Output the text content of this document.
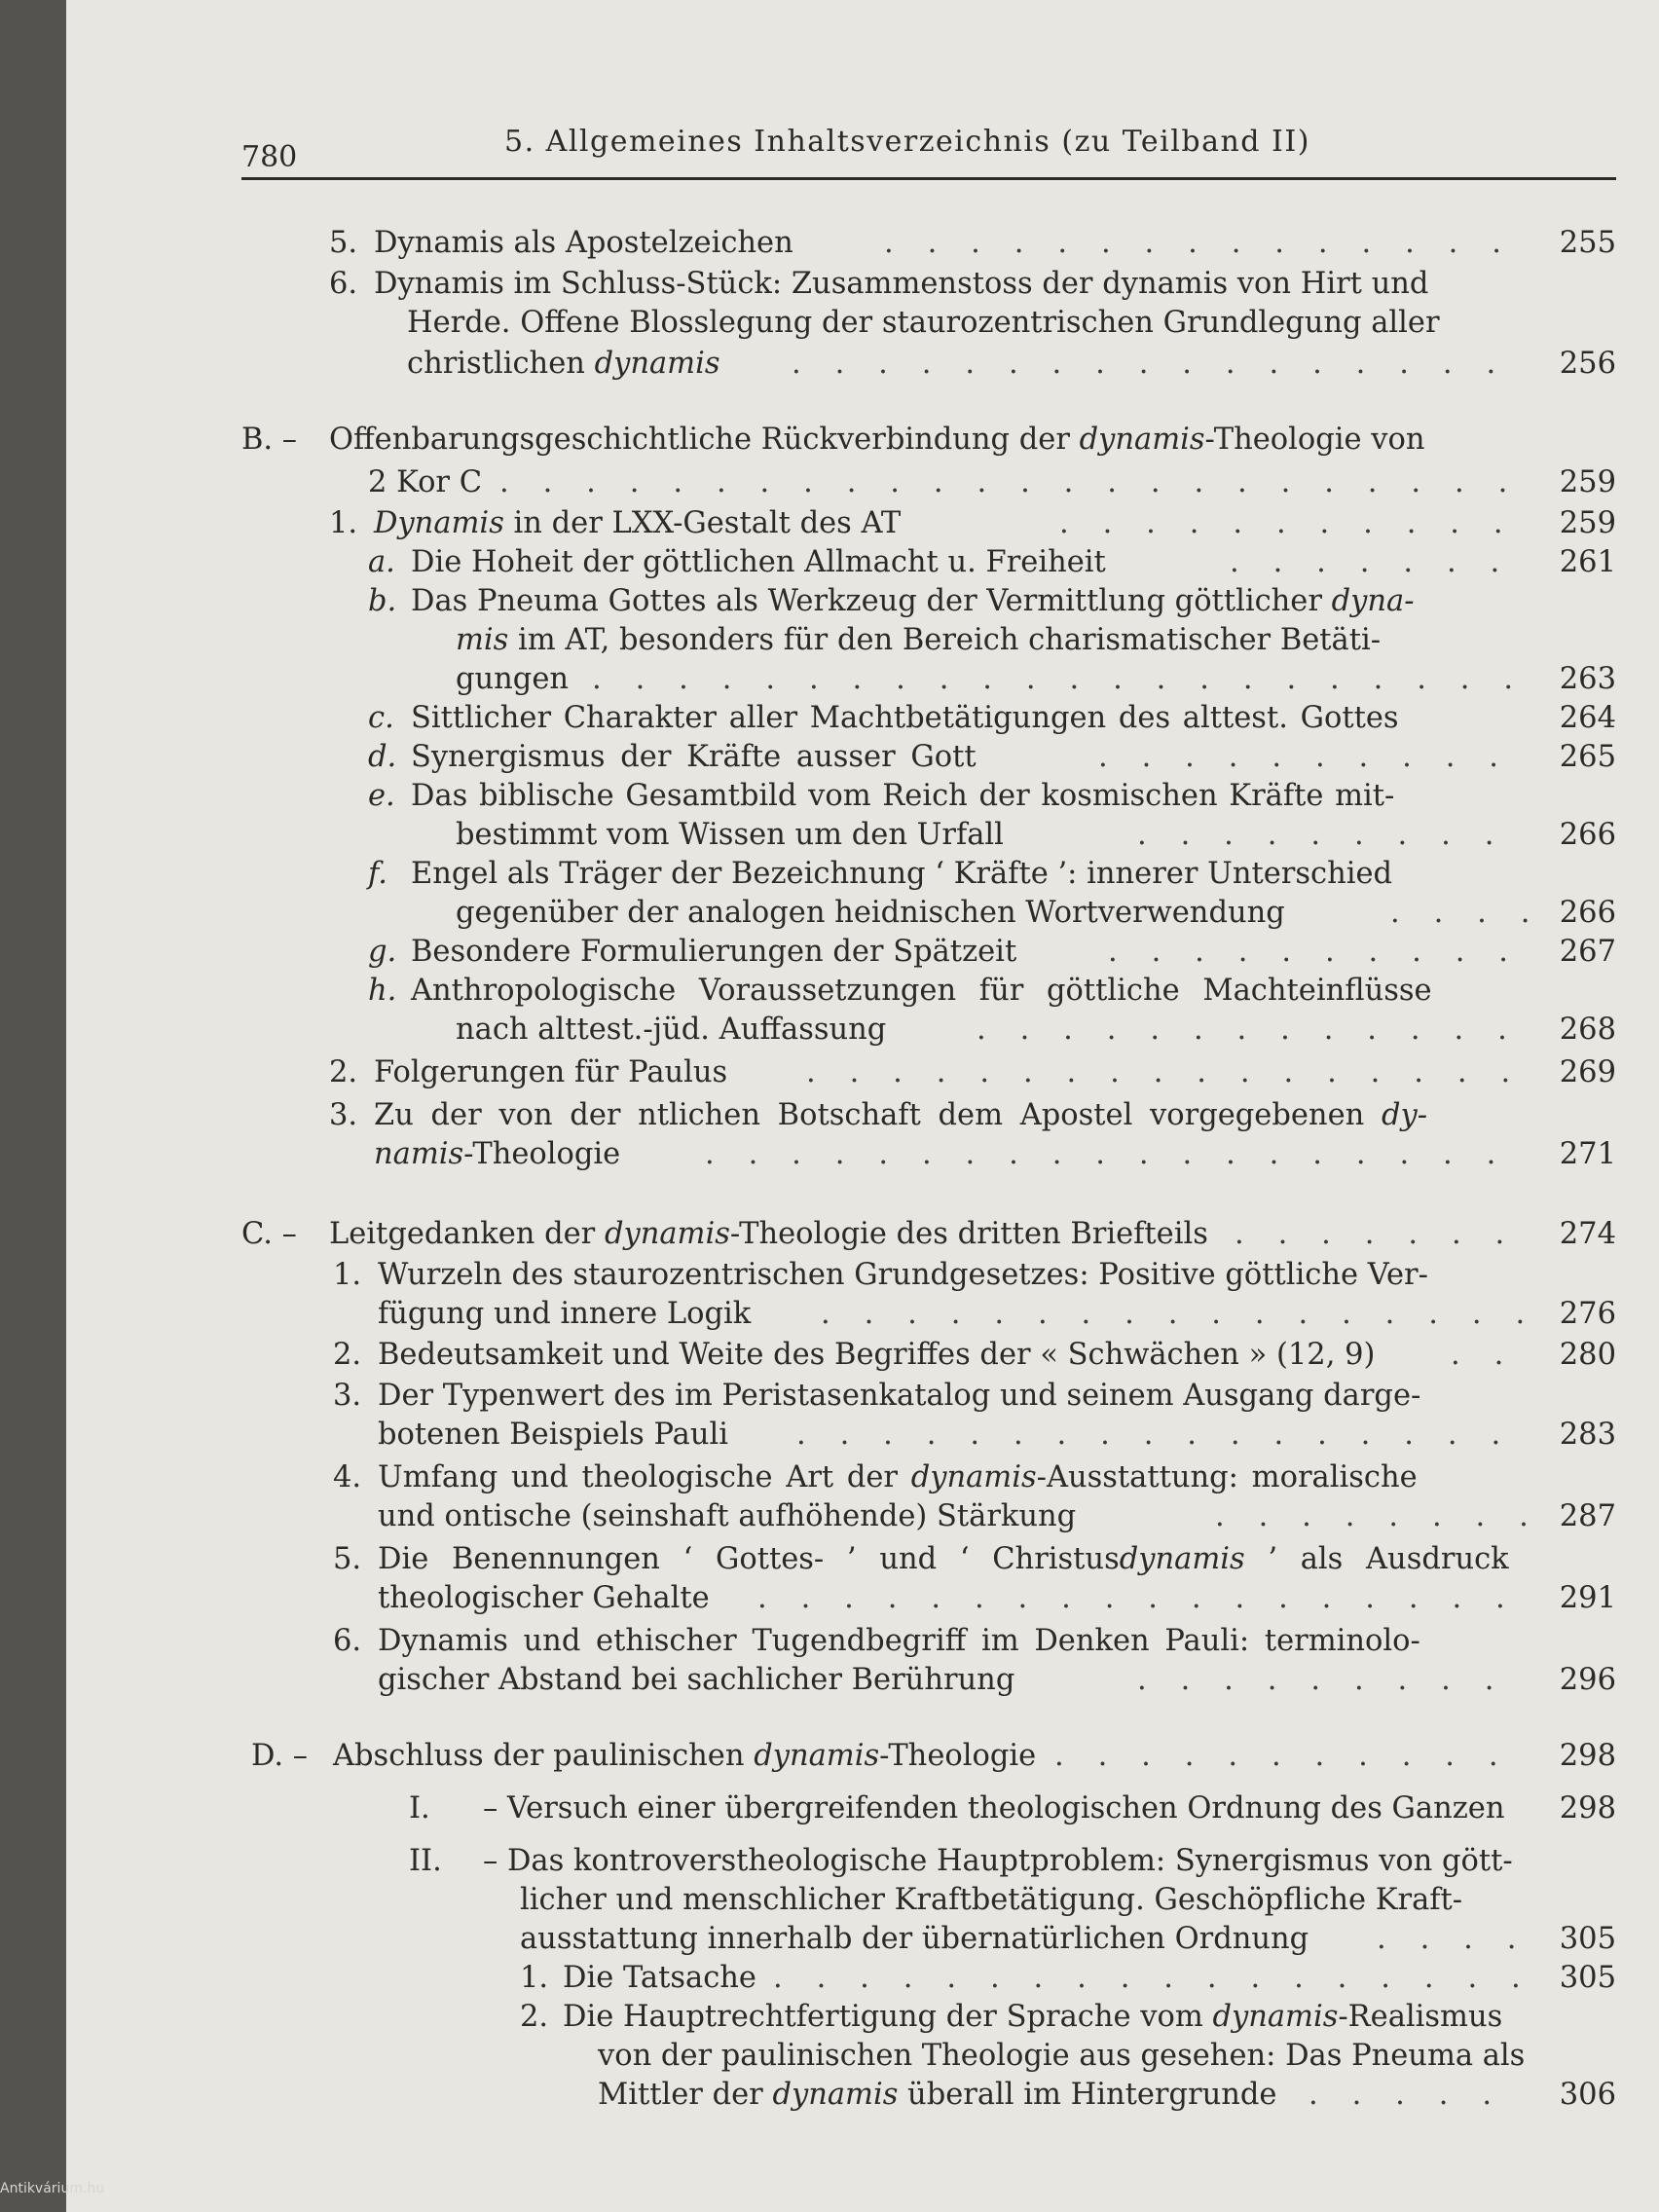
780	5. Allgemeines Inhaltsverzeichnis (zu Teilband II)
5. Dynamis als Apostelzeichen . . .	255
6. Dynamis im Schluss-Stück: Zusammenstoss der dynamis von Hirt und
Herde. Offene Blosslegung der staurozentrischen Grundlegung aller
christlichen dynamis . . .	256
B. – Offenbarungsgeschichtliche Rückverbindung der dynamis-Theologie von
2 Kor C . . .	259
1. Dynamis in der LXX-Gestalt des AT . . .	259
a. Die Hoheit der göttlichen Allmacht u. Freiheit . . .	261
b. Das Pneuma Gottes als Werkzeug der Vermittlung göttlicher dyna-
mis im AT, besonders für den Bereich charismatischer Betäti-
gungen . . .	263
c. Sittlicher Charakter aller Machtbetätigungen des alttest. Gottes	264
d. Synergismus der Kräfte ausser Gott . . .	265
e. Das biblische Gesamtbild vom Reich der kosmischen Kräfte mit-
bestimmt vom Wissen um den Urfall . . .	266
f. Engel als Träger der Bezeichnung ‘ Kräfte ’: innerer Unterschied
gegenüber der analogen heidnischen Wortverwendung . . .	266
g. Besondere Formulierungen der Spätzeit . . .	267
h. Anthropologische Voraussetzungen für göttliche Machteinflüsse
nach alttest.-jüd. Auffassung . . .	268
2. Folgerungen für Paulus . . .	269
3. Zu der von der ntlichen Botschaft dem Apostel vorgegebenen dy-
namis-Theologie . . .	271
C. – Leitgedanken der dynamis-Theologie des dritten Briefteils . . .	274
1. Wurzeln des staurozentrischen Grundgesetzes: Positive göttliche Ver-
fügung und innere Logik . . .	276
2. Bedeutsamkeit und Weite des Begriffes der « Schwächen » (12, 9) . . .	280
3. Der Typenwert des im Peristasenkatalog und seinem Ausgang darge-
botenen Beispiels Pauli . . .	283
4. Umfang und theologische Art der dynamis-Ausstattung: moralische
und ontische (seinshaft aufhöhende) Stärkung . . .	287
5. Die Benennungen ‘ Gottes- ’ und ‘ Christusdynamis ’ als Ausdruck
theologischer Gehalte . . .	291
6. Dynamis und ethischer Tugendbegriff im Denken Pauli: terminolo-
gischer Abstand bei sachlicher Berührung . . .	296
D. – Abschluss der paulinischen dynamis-Theologie . . .	298
I. – Versuch einer übergreifenden theologischen Ordnung des Ganzen 298
II. – Das kontroverstheologische Hauptproblem: Synergismus von gött-
licher und menschlicher Kraftbetätigung. Geschöpfliche Kraft-
ausstattung innerhalb der übernatürlichen Ordnung . . .	305
1. Die Tatsache . . .	305
2. Die Hauptrechtfertigung der Sprache vom dynamis-Realismus
von der paulinischen Theologie aus gesehen: Das Pneuma als
Mittler der dynamis überall im Hintergrunde . . .	306
Antikvárium.hu
